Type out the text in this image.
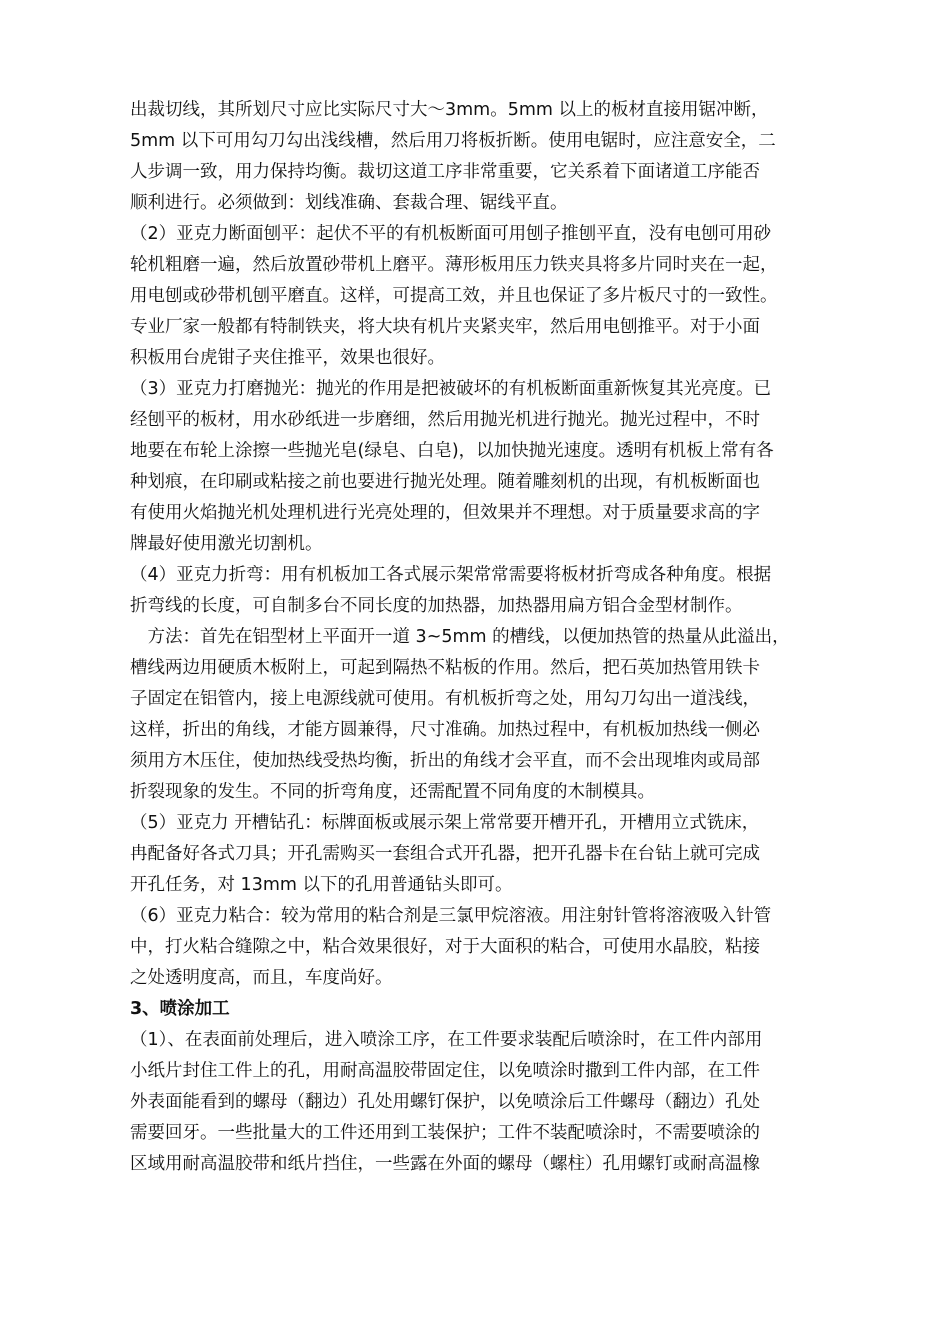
出裁切线，其所划尺寸应比实际尺寸大～3mm。5mm 以上的板材直接用锯冲断，
5mm 以下可用勾刀勾出浅线槽，然后用刀将板折断。使用电锯时，应注意安全，二
人步调一致，用力保持均衡。裁切这道工序非常重要，它关系着下面诸道工序能否
顺利进行。必须做到：划线准确、套裁合理、锯线平直。
（2）亚克力断面刨平：起伏不平的有机板断面可用刨子推刨平直，没有电刨可用砂
轮机粗磨一遍，然后放置砂带机上磨平。薄形板用压力铁夹具将多片同时夹在一起，
用电刨或砂带机刨平磨直。这样，可提高工效，并且也保证了多片板尺寸的一致性。
专业厂家一般都有特制铁夹，将大块有机片夹紧夹牢，然后用电刨推平。对于小面
积板用台虎钳子夹住推平，效果也很好。
（3）亚克力打磨抛光：抛光的作用是把被破坏的有机板断面重新恢复其光亮度。已
经刨平的板材，用水砂纸进一步磨细，然后用抛光机进行抛光。抛光过程中，不时
地要在布轮上涂擦一些抛光皂(绿皂、白皂)，以加快抛光速度。透明有机板上常有各
种划痕，在印刷或粘接之前也要进行抛光处理。随着雕刻机的出现，有机板断面也
有使用火焰抛光机处理机进行光亮处理的，但效果并不理想。对于质量要求高的字
牌最好使用激光切割机。
（4）亚克力折弯：用有机板加工各式展示架常常需要将板材折弯成各种角度。根据
折弯线的长度，可自制多台不同长度的加热器，加热器用扁方铝合金型材制作。
　方法：首先在铝型材上平面开一道 3~5mm 的槽线，以便加热管的热量从此溢出，
槽线两边用硬质木板附上，可起到隔热不粘板的作用。然后，把石英加热管用铁卡
子固定在铝管内，接上电源线就可使用。有机板折弯之处，用勾刀勾出一道浅线，
这样，折出的角线，才能方圆兼得，尺寸准确。加热过程中，有机板加热线一侧必
须用方木压住，使加热线受热均衡，折出的角线才会平直，而不会出现堆肉或局部
折裂现象的发生。不同的折弯角度，还需配置不同角度的木制模具。
（5）亚克力 开槽钻孔：标牌面板或展示架上常常要开槽开孔，开槽用立式铣床，
冉配备好各式刀具；开孔需购买一套组合式开孔器，把开孔器卡在台钻上就可完成
开孔任务，对 13mm 以下的孔用普通钻头即可。
（6）亚克力粘合：较为常用的粘合剂是三氯甲烷溶液。用注射针管将溶液吸入针管
中，打火粘合缝隙之中，粘合效果很好，对于大面积的粘合，可使用水晶胶，粘接
之处透明度高，而且，车度尚好。
3、喷涂加工
（1）、在表面前处理后，进入喷涂工序，在工件要求装配后喷涂时，在工件内部用
小纸片封住工件上的孔，用耐高温胶带固定住，以免喷涂时撒到工件内部，在工件
外表面能看到的螺母（翻边）孔处用螺钉保护，以免喷涂后工件螺母（翻边）孔处
需要回牙。一些批量大的工件还用到工装保护；工件不装配喷涂时，不需要喷涂的
区域用耐高温胶带和纸片挡住，一些露在外面的螺母（螺柱）孔用螺钉或耐高温橡
